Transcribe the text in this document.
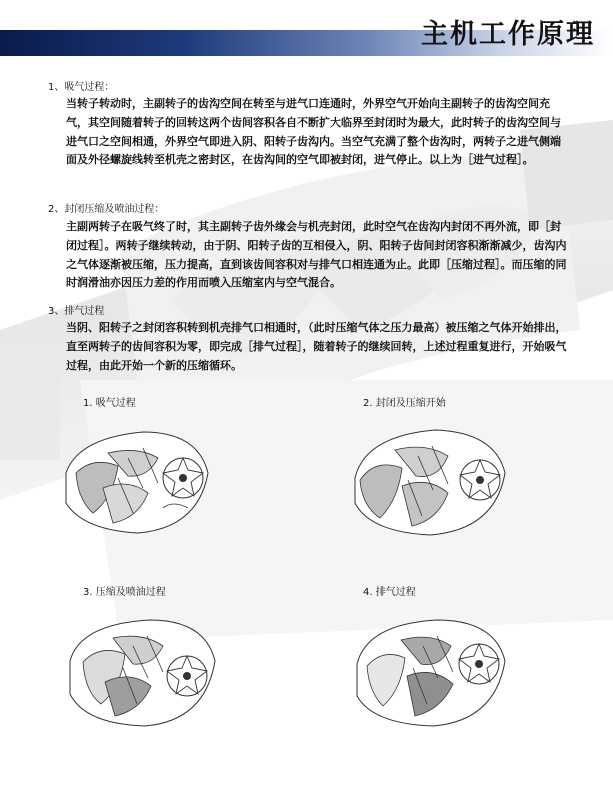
主机工作原理
1、吸气过程：
当转子转动时，主副转子的齿沟空间在转至与进气口连通时，外界空气开始向主副转子的齿沟空间充气，其空间随着转子的回转这两个齿间容积各自不断扩大临界至封闭时为最大，此时转子的齿沟空间与进气口之空间相通，外界空气即进入阴、阳转子齿沟内。当空气充满了整个齿沟时，两转子之进气侧端面及外径螺旋线转至机壳之密封区，在齿沟间的空气即被封闭，进气停止。以上为［进气过程］。
2、封闭压缩及喷油过程：
主副两转子在吸气终了时，其主副转子齿外缘会与机壳封闭，此时空气在齿沟内封闭不再外流，即［封闭过程］。两转子继续转动，由于阴、阳转子齿的互相侵入，阴、阳转子齿间封闭容积渐渐减少，齿沟内之气体逐渐被压缩，压力提高，直到该齿间容积对与排气口相连通为止。此即［压缩过程］。而压缩的同时润滑油亦因压力差的作用而喷入压缩室内与空气混合。
3、排气过程
当阴、阳转子之封闭容积转到机壳排气口相通时，（此时压缩气体之压力最高）被压缩之气体开始排出，直至两转子的齿间容积为零，即完成［排气过程］，随着转子的继续回转，上述过程重复进行，开始吸气过程，由此开始一个新的压缩循环。
1. 吸气过程	2. 封闭及压缩开始
3. 压缩及喷油过程	4. 排气过程
